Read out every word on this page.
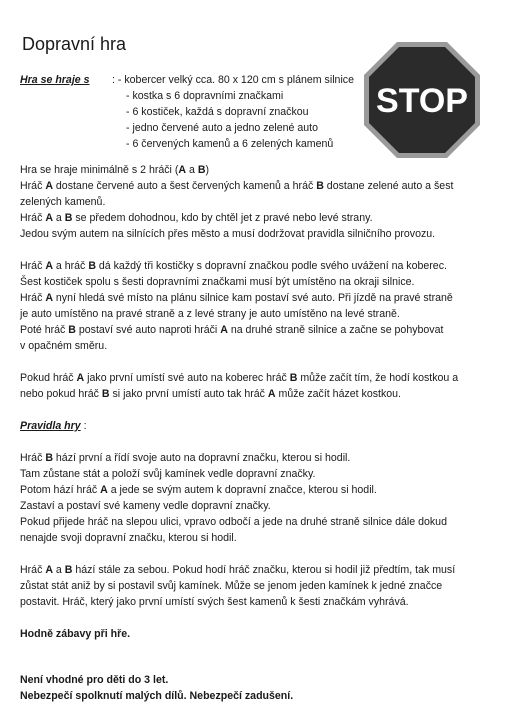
Dopravní hra
STOP
Hra se hraje s	: - kobercer velký cca. 80 x 120 cm s plánem silnice
- kostka s 6 dopravními značkami
- 6 kostiček, každá s dopravní značkou
- jedno červené auto a jedno zelené auto
- 6 červených kamenů a 6 zelených kamenů

Hra se hraje minimálně s 2 hráči (A a B)

Hráč A dostane červené auto a šest červených kamenů a hráč B dostane zelené auto a šest

zelených kamenů.

Hráč A a B se předem dohodnou, kdo by chtěl jet z pravé nebo levé strany.

Jedou svým autem na silnících přes město a musí dodržovat pravidla silničního provozu.

Hráč A a hráč B dá každý tři kostičky s dopravní značkou podle svého uvážení na koberec.

Šest kostiček spolu s šesti dopravními značkami musí být umístěno na okraji silnice.

Hráč A nyní hledá své místo na plánu silnice kam postaví své auto. Při jízdě na pravé straně

je auto umístěno na pravé straně a z levé strany je auto umístěno na levé straně.

Poté hráč B postaví své auto naproti hráči A na druhé straně silnice a začne se pohybovat

v opačném směru.

Pokud hráč A jako první umístí své auto na koberec hráč B může začít tím, že hodí kostkou a

nebo pokud hráč B si jako první umístí auto tak hráč A může začít házet kostkou.

Pravidla hry :

Hráč B hází první a řídí svoje auto na dopravní značku, kterou si hodil.

Tam zůstane stát a položí svůj kamínek vedle dopravní značky.

Potom hází hráč A a jede se svým autem k dopravní značce, kterou si hodil.

Zastaví a postaví své kameny vedle dopravní značky.

Pokud přijede hráč na slepou ulici, vpravo odbočí a jede na druhé straně silnice dále dokud

nenajde svoji dopravní značku, kterou si hodil.

Hráč A a B hází stále za sebou. Pokud hodí hráč značku, kterou si hodil již předtím, tak musí

zůstat stát aniž by si postavil svůj kamínek. Může se jenom jeden kamínek k jedné značce

postavit. Hráč, který jako první umístí svých šest kamenů k šesti značkám vyhrává.

Hodně zábavy při hře.

Není vhodné pro děti do 3 let.

Nebezpečí spolknutí malých dílů. Nebezpečí zadušení.
